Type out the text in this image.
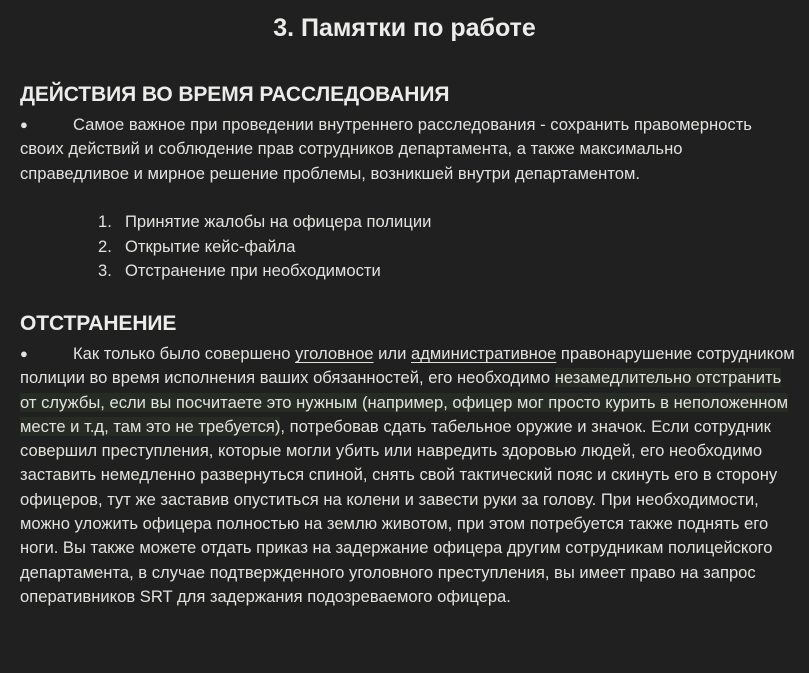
3. Памятки по работе
ДЕЙСТВИЯ ВО ВРЕМЯ РАССЛЕДОВАНИЯ

●	Самое важное при проведении внутреннего расследования - сохранить правомерность своих действий и соблюдение прав сотрудников департамента, а также максимально справедливое и мирное решение проблемы, возникшей внутри департаментом.

1. Принятие жалобы на офицера полиции
2. Открытие кейс-файла
3. Отстранение при необходимости
ОТСТРАНЕНИЕ

●	Как только было совершено уголовное или административное правонарушение сотрудником полиции во время исполнения ваших обязанностей, его необходимо незамедлительно отстранить от службы, если вы посчитаете это нужным (например, офицер мог просто курить в неположенном месте и т.д, там это не требуется), потребовав сдать табельное оружие и значок. Если сотрудник совершил преступления, которые могли убить или навредить здоровью людей, его необходимо заставить немедленно развернуться спиной, снять свой тактический пояс и скинуть его в сторону офицеров, тут же заставив опуститься на колени и завести руки за голову. При необходимости, можно уложить офицера полностью на землю животом, при этом потребуется также поднять его ноги. Вы также можете отдать приказ на задержание офицера другим сотрудникам полицейского департамента, в случае подтвержденного уголовного преступления, вы имеет право на запрос оперативников SRT для задержания подозреваемого офицера.
